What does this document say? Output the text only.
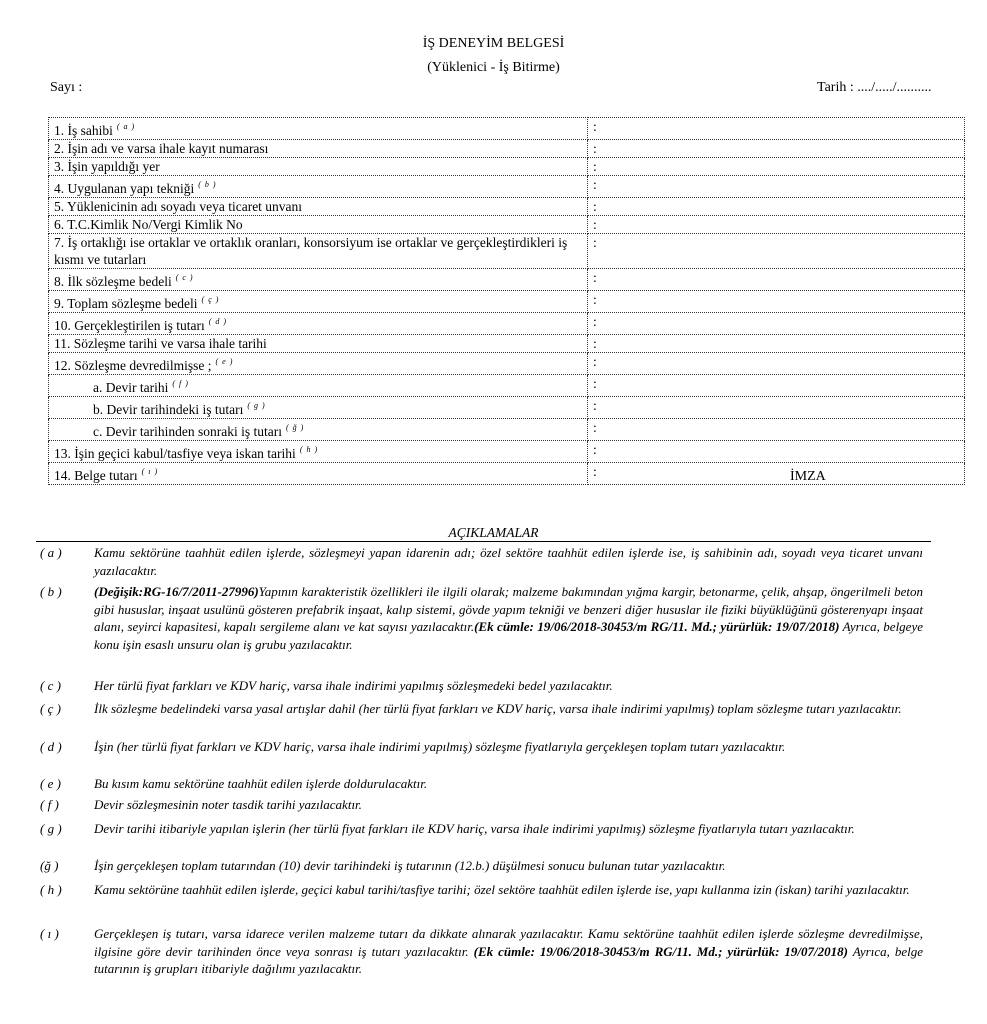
İŞ DENEYİM BELGESİ
(Yüklenici - İş Bitirme)
Sayı :	Tarih : ..../...../..........
1. İş sahibi $^{( a )}$	:
2. İşin adı ve varsa ihale kayıt numarası	:
3. İşin yapıldığı yer	:
4. Uygulanan yapı tekniği $^{( b )}$	:
5. Yüklenicinin adı soyadı veya ticaret unvanı	:
6. T.C.Kimlik No/Vergi Kimlik No	:
7. İş ortaklığı ise ortaklar ve ortaklık oranları, konsorsiyum ise ortaklar ve gerçekleştirdikleri iş kısmı ve tutarları	:
8. İlk sözleşme bedeli $^{( c )}$	:
9. Toplam sözleşme bedeli $^{( ç )}$	:
10. Gerçekleştirilen iş tutarı $^{( d )}$	:
11. Sözleşme tarihi ve varsa ihale tarihi	:
12. Sözleşme devredilmişse ; $^{( e )}$	:
a. Devir tarihi $^{( f )}$	:
b. Devir tarihindeki iş tutarı $^{( g )}$	:
c. Devir tarihinden sonraki iş tutarı $^{( ğ )}$	:
13. İşin geçici kabul/tasfiye veya iskan tarihi $^{( h )}$	:
14. Belge tutarı $^{( ı )}$	:	İMZA
AÇIKLAMALAR
( a )	Kamu sektörüne taahhüt edilen işlerde, sözleşmeyi yapan idarenin adı; özel sektöre taahhüt edilen işlerde ise, iş sahibinin adı, soyadı veya ticaret unvanı yazılacaktır.
( b )	(Değişik:RG-16/7/2011-27996)Yapının karakteristik özellikleri ile ilgili olarak; malzeme bakımından yığma kargir, betonarme, çelik, ahşap, öngerilmeli beton gibi hususlar, inşaat usulünü gösteren prefabrik inşaat, kalıp sistemi, gövde yapım tekniği ve benzeri diğer hususlar ile fiziki büyüklüğünü gösterenyapı inşaat alanı, seyirci kapasitesi, kapalı sergileme alanı ve kat sayısı yazılacaktır.(Ek cümle: 19/06/2018-30453/m RG/11. Md.; yürürlük: 19/07/2018) Ayrıca, belgeye konu işin esaslı unsuru olan iş grubu yazılacaktır.
( c )	Her türlü fiyat farkları ve KDV hariç, varsa ihale indirimi yapılmış sözleşmedeki bedel yazılacaktır.
( ç )	İlk sözleşme bedelindeki varsa yasal artışlar dahil (her türlü fiyat farkları ve KDV hariç, varsa ihale indirimi yapılmış) toplam sözleşme tutarı yazılacaktır.
( d )	İşin (her türlü fiyat farkları ve KDV hariç, varsa ihale indirimi yapılmış) sözleşme fiyatlarıyla gerçekleşen toplam tutarı yazılacaktır.
( e )	Bu kısım kamu sektörüne taahhüt edilen işlerde doldurulacaktır.
( f )	Devir sözleşmesinin noter tasdik tarihi yazılacaktır.
( g )	Devir tarihi itibariyle yapılan işlerin (her türlü fiyat farkları ile KDV hariç, varsa ihale indirimi yapılmış) sözleşme fiyatlarıyla tutarı yazılacaktır.
(ğ )	İşin gerçekleşen toplam tutarından (10) devir tarihindeki iş tutarının (12.b.) düşülmesi sonucu bulunan tutar yazılacaktır.
( h )	Kamu sektörüne taahhüt edilen işlerde, geçici kabul tarihi/tasfiye tarihi; özel sektöre taahhüt edilen işlerde ise, yapı kullanma izin (iskan) tarihi yazılacaktır.
( ı )	Gerçekleşen iş tutarı, varsa idarece verilen malzeme tutarı da dikkate alınarak yazılacaktır. Kamu sektörüne taahhüt edilen işlerde sözleşme devredilmişse, ilgisine göre devir tarihinden önce veya sonrası iş tutarı yazılacaktır. (Ek cümle: 19/06/2018-30453/m RG/11. Md.; yürürlük: 19/07/2018) Ayrıca, belge tutarının iş grupları itibariyle dağılımı yazılacaktır.
